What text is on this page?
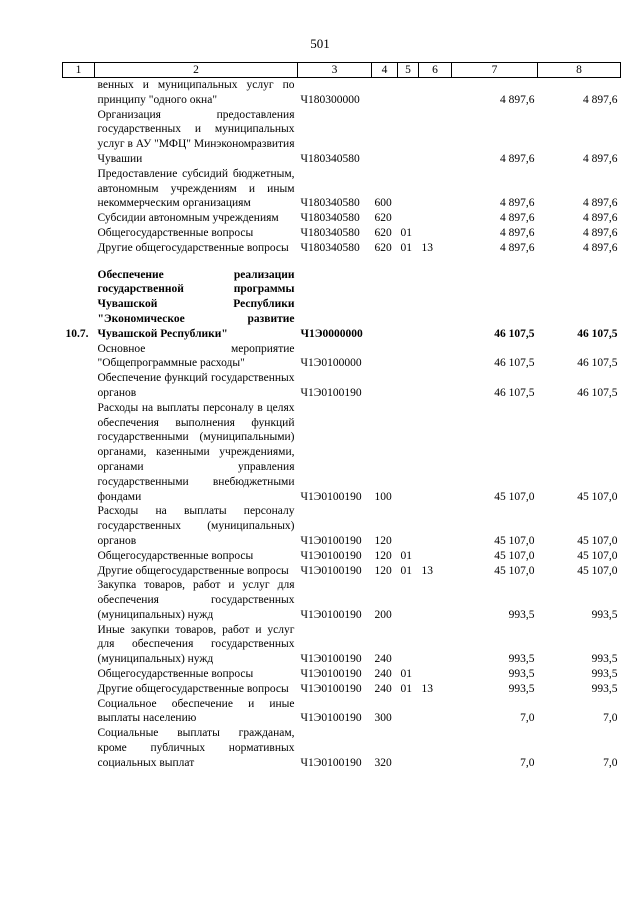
501
1	2	3	4	5	6	7	8
	венных и муниципальных услуг по принципу "одного окна"	Ч180300000				4 897,6	4 897,6
	Организация предоставления государственных и муниципальных услуг в АУ "МФЦ" Минэкономразвития Чувашии	Ч180340580				4 897,6	4 897,6
	Предоставление субсидий бюджетным, автономным учреждениям и иным некоммерческим организациям	Ч180340580	600			4 897,6	4 897,6
	Субсидии автономным учреждениям	Ч180340580	620			4 897,6	4 897,6
	Общегосударственные вопросы	Ч180340580	620	01		4 897,6	4 897,6
	Другие общегосударственные вопросы	Ч180340580	620	01	13	4 897,6	4 897,6

10.7.	Обеспечение реализации государственной программы Чувашской Республики "Экономическое развитие Чувашской Республики"	Ч1Э0000000				46 107,5	46 107,5
	Основное мероприятие "Общепрограммные расходы"	Ч1Э0100000				46 107,5	46 107,5
	Обеспечение функций государственных органов	Ч1Э0100190				46 107,5	46 107,5
	Расходы на выплаты персоналу в целях обеспечения выполнения функций государственными (муниципальными) органами, казенными учреждениями, органами управления государственными внебюджетными фондами	Ч1Э0100190	100			45 107,0	45 107,0
	Расходы на выплаты персоналу государственных (муниципальных) органов	Ч1Э0100190	120			45 107,0	45 107,0
	Общегосударственные вопросы	Ч1Э0100190	120	01		45 107,0	45 107,0
	Другие общегосударственные вопросы	Ч1Э0100190	120	01	13	45 107,0	45 107,0
	Закупка товаров, работ и услуг для обеспечения государственных (муниципальных) нужд	Ч1Э0100190	200			993,5	993,5
	Иные закупки товаров, работ и услуг для обеспечения государственных (муниципальных) нужд	Ч1Э0100190	240			993,5	993,5
	Общегосударственные вопросы	Ч1Э0100190	240	01		993,5	993,5
	Другие общегосударственные вопросы	Ч1Э0100190	240	01	13	993,5	993,5
	Социальное обеспечение и иные выплаты населению	Ч1Э0100190	300			7,0	7,0
	Социальные выплаты гражданам, кроме публичных нормативных социальных выплат	Ч1Э0100190	320			7,0	7,0
